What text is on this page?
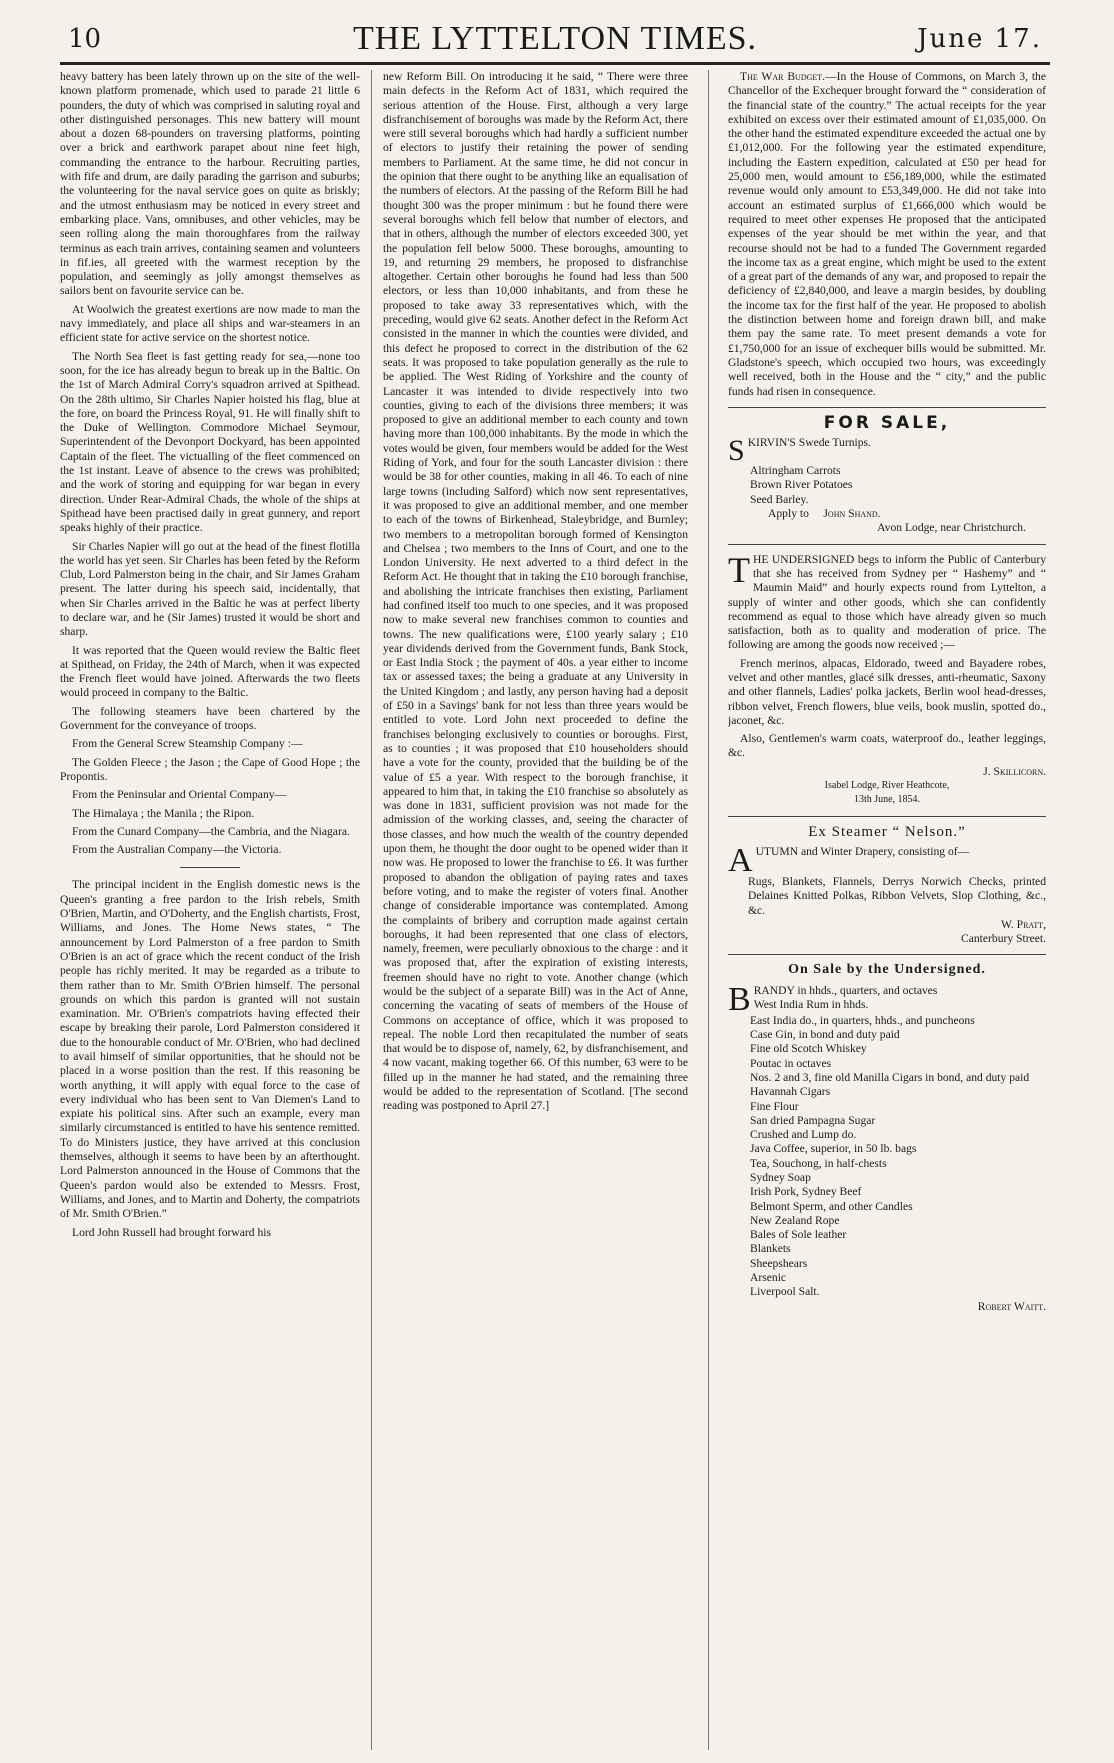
10	THE LYTTELTON TIMES.	June 17.

heavy battery has been lately thrown up on the site of the well-known platform promenade, which used to parade 21 little 6 pounders, the duty of which was comprised in saluting royal and other distinguished personages. This new battery will mount about a dozen 68-pounders on traversing platforms, pointing over a brick and earthwork parapet about nine feet high, commanding the entrance to the harbour. Recruiting parties, with fife and drum, are daily parading the garrison and suburbs; the volunteering for the naval service goes on quite as briskly; and the utmost enthusiasm may be noticed in every street and embarking place. Vans, omnibuses, and other vehicles, may be seen rolling along the main thoroughfares from the railway terminus as each train arrives, containing seamen and volunteers in fif.ies, all greeted with the warmest reception by the population, and seemingly as jolly amongst themselves as sailors bent on favourite service can be.

At Woolwich the greatest exertions are now made to man the navy immediately, and place all ships and war-steamers in an efficient state for active service on the shortest notice.

The North Sea fleet is fast getting ready for sea,—none too soon, for the ice has already begun to break up in the Baltic. On the 1st of March Admiral Corry's squadron arrived at Spithead. On the 28th ultimo, Sir Charles Napier hoisted his flag, blue at the fore, on board the Princess Royal, 91. He will finally shift to the Duke of Wellington. Commodore Michael Seymour, Superintendent of the Devonport Dockyard, has been appointed Captain of the fleet. The victualling of the fleet commenced on the 1st instant. Leave of absence to the crews was prohibited; and the work of storing and equipping for war began in every direction. Under Rear-Admiral Chads, the whole of the ships at Spithead have been practised daily in great gunnery, and report speaks highly of their practice.

Sir Charles Napier will go out at the head of the finest flotilla the world has yet seen. Sir Charles has been feted by the Reform Club, Lord Palmerston being in the chair, and Sir James Graham present. The latter during his speech said, incidentally, that when Sir Charles arrived in the Baltic he was at perfect liberty to declare war, and he (Sir James) trusted it would be short and sharp.

It was reported that the Queen would review the Baltic fleet at Spithead, on Friday, the 24th of March, when it was expected the French fleet would have joined. Afterwards the two fleets would proceed in company to the Baltic.

The following steamers have been chartered by the Government for the conveyance of troops.

From the General Screw Steamship Company :—

The Golden Fleece ; the Jason ; the Cape of Good Hope ; the Propontis.

From the Peninsular and Oriental Company—

The Himalaya ; the Manila ; the Ripon.

From the Cunard Company—the Cambria, and the Niagara.

From the Australian Company—the Victoria.

The principal incident in the English domestic news is the Queen's granting a free pardon to the Irish rebels, Smith O'Brien, Martin, and O'Doherty, and the English chartists, Frost, Williams, and Jones. The Home News states, “ The announcement by Lord Palmerston of a free pardon to Smith O'Brien is an act of grace which the recent conduct of the Irish people has richly merited. It may be regarded as a tribute to them rather than to Mr. Smith O'Brien himself. The personal grounds on which this pardon is granted will not sustain examination. Mr. O'Brien's compatriots having effected their escape by breaking their parole, Lord Palmerston considered it due to the honourable conduct of Mr. O'Brien, who had declined to avail himself of similar opportunities, that he should not be placed in a worse position than the rest. If this reasoning be worth anything, it will apply with equal force to the case of every individual who has been sent to Van Diemen's Land to expiate his political sins. After such an example, every man similarly circumstanced is entitled to have his sentence remitted. To do Ministers justice, they have arrived at this conclusion themselves, although it seems to have been by an afterthought. Lord Palmerston announced in the House of Commons that the Queen's pardon would also be extended to Messrs. Frost, Williams, and Jones, and to Martin and Doherty, the compatriots of Mr. Smith O'Brien.”

Lord John Russell had brought forward his

new Reform Bill. On introducing it he said, “ There were three main defects in the Reform Act of 1831, which required the serious attention of the House. First, although a very large disfranchisement of boroughs was made by the Reform Act, there were still several boroughs which had hardly a sufficient number of electors to justify their retaining the power of sending members to Parliament. At the same time, he did not concur in the opinion that there ought to be anything like an equalisation of the numbers of electors. At the passing of the Reform Bill he had thought 300 was the proper minimum : but he found there were several boroughs which fell below that number of electors, and that in others, although the number of electors exceeded 300, yet the population fell below 5000. These boroughs, amounting to 19, and returning 29 members, he proposed to disfranchise altogether. Certain other boroughs he found had less than 500 electors, or less than 10,000 inhabitants, and from these he proposed to take away 33 representatives which, with the preceding, would give 62 seats. Another defect in the Reform Act consisted in the manner in which the counties were divided, and this defect he proposed to correct in the distribution of the 62 seats. It was proposed to take population generally as the rule to be applied. The West Riding of Yorkshire and the county of Lancaster it was intended to divide respectively into two counties, giving to each of the divisions three members; it was proposed to give an additional member to each county and town having more than 100,000 inhabitants. By the mode in which the votes would be given, four members would be added for the West Riding of York, and four for the south Lancaster division : there would be 38 for other counties, making in all 46. To each of nine large towns (including Salford) which now sent representatives, it was proposed to give an additional member, and one member to each of the towns of Birkenhead, Staleybridge, and Burnley; two members to a metropolitan borough formed of Kensington and Chelsea ; two members to the Inns of Court, and one to the London University. He next adverted to a third defect in the Reform Act. He thought that in taking the £10 borough franchise, and abolishing the intricate franchises then existing, Parliament had confined itself too much to one species, and it was proposed now to make several new franchises common to counties and towns. The new qualifications were, £100 yearly salary ; £10 year dividends derived from the Government funds, Bank Stock, or East India Stock ; the payment of 40s. a year either to income tax or assessed taxes; the being a graduate at any University in the United Kingdom ; and lastly, any person having had a deposit of £50 in a Savings' bank for not less than three years would be entitled to vote. Lord John next proceeded to define the franchises belonging exclusively to counties or boroughs. First, as to counties ; it was proposed that £10 householders should have a vote for the county, provided that the building be of the value of £5 a year. With respect to the borough franchise, it appeared to him that, in taking the £10 franchise so absolutely as was done in 1831, sufficient provision was not made for the admission of the working classes, and, seeing the character of those classes, and how much the wealth of the country depended upon them, he thought the door ought to be opened wider than it now was. He proposed to lower the franchise to £6. It was further proposed to abandon the obligation of paying rates and taxes before voting, and to make the register of voters final. Another change of considerable importance was contemplated. Among the complaints of bribery and corruption made against certain boroughs, it had been represented that one class of electors, namely, freemen, were peculiarly obnoxious to the charge : and it was proposed that, after the expiration of existing interests, freemen should have no right to vote. Another change (which would be the subject of a separate Bill) was in the Act of Anne, concerning the vacating of seats of members of the House of Commons on acceptance of office, which it was proposed to repeal. The noble Lord then recapitulated the number of seats that would be to dispose of, namely, 62, by disfranchisement, and 4 now vacant, making together 66. Of this number, 63 were to be filled up in the manner he had stated, and the remaining three would be added to the representation of Scotland. [The second reading was postponed to April 27.]

The War Budget.—In the House of Commons, on March 3, the Chancellor of the Exchequer brought forward the “ consideration of the financial state of the country.” The actual receipts for the year exhibited on excess over their estimated amount of £1,035,000. On the other hand the estimated expenditure exceeded the actual one by £1,012,000. For the following year the estimated expenditure, including the Eastern expedition, calculated at £50 per head for 25,000 men, would amount to £56,189,000, while the estimated revenue would only amount to £53,349,000. He did not take into account an estimated surplus of £1,666,000 which would be required to meet other expenses He proposed that the anticipated expenses of the year should be met within the year, and that recourse should not be had to a funded The Government regarded the income tax as a great engine, which might be used to the extent of a great part of the demands of any war, and proposed to repair the deficiency of £2,840,000, and leave a margin besides, by doubling the income tax for the first half of the year. He proposed to abolish the distinction between home and foreign drawn bill, and make them pay the same rate. To meet present demands a vote for £1,750,000 for an issue of exchequer bills would be submitted. Mr. Gladstone's speech, which occupied two hours, was exceedingly well received, both in the House and the “ city,” and the public funds had risen in consequence.

FOR SALE,
SKIRVIN'S Swede Turnips.
Altringham Carrots
Brown River Potatoes
Seed Barley.
Apply to John Shand.
Avon Lodge, near Christchurch.

THE UNDERSIGNED begs to inform the Public of Canterbury that she has received from Sydney per “ Hashemy” and “ Maumin Maid” and hourly expects round from Lyttelton, a supply of winter and other goods, which she can confidently recommend as equal to those which have already given so much satisfaction, both as to quality and moderation of price. The following are among the goods now received ;—

French merinos, alpacas, Eldorado, tweed and Bayadere robes, velvet and other mantles, glacé silk dresses, anti-rheumatic, Saxony and other flannels, Ladies' polka jackets, Berlin wool head-dresses, ribbon velvet, French flowers, blue veils, book muslin, spotted do., jaconet, &c.

Also, Gentlemen's warm coats, waterproof do., leather leggings, &c.

J. Skillicorn.
Isabel Lodge, River Heathcote,
13th June, 1854.
Ex Steamer “ Nelson.”
AUTUMN and Winter Drapery, consisting of—
Rugs, Blankets, Flannels, Derrys Norwich Checks, printed Delaines Knitted Polkas, Ribbon Velvets, Slop Clothing, &c., &c.
W. Pratt,
Canterbury Street.
On Sale by the Undersigned.
BRANDY in hhds., quarters, and octaves
West India Rum in hhds.
East India do., in quarters, hhds., and puncheons
Case Gin, in bond and duty paid
Fine old Scotch Whiskey
Poutac in octaves
Nos. 2 and 3, fine old Manilla Cigars in bond, and duty paid
Havannah Cigars
Fine Flour
San dried Pampagna Sugar
Crushed and Lump do.
Java Coffee, superior, in 50 lb. bags
Tea, Souchong, in half-chests
Sydney Soap
Irish Pork, Sydney Beef
Belmont Sperm, and other Candles
New Zealand Rope
Bales of Sole leather
Blankets
Sheepshears
Arsenic
Liverpool Salt.
Robert Waitt.
